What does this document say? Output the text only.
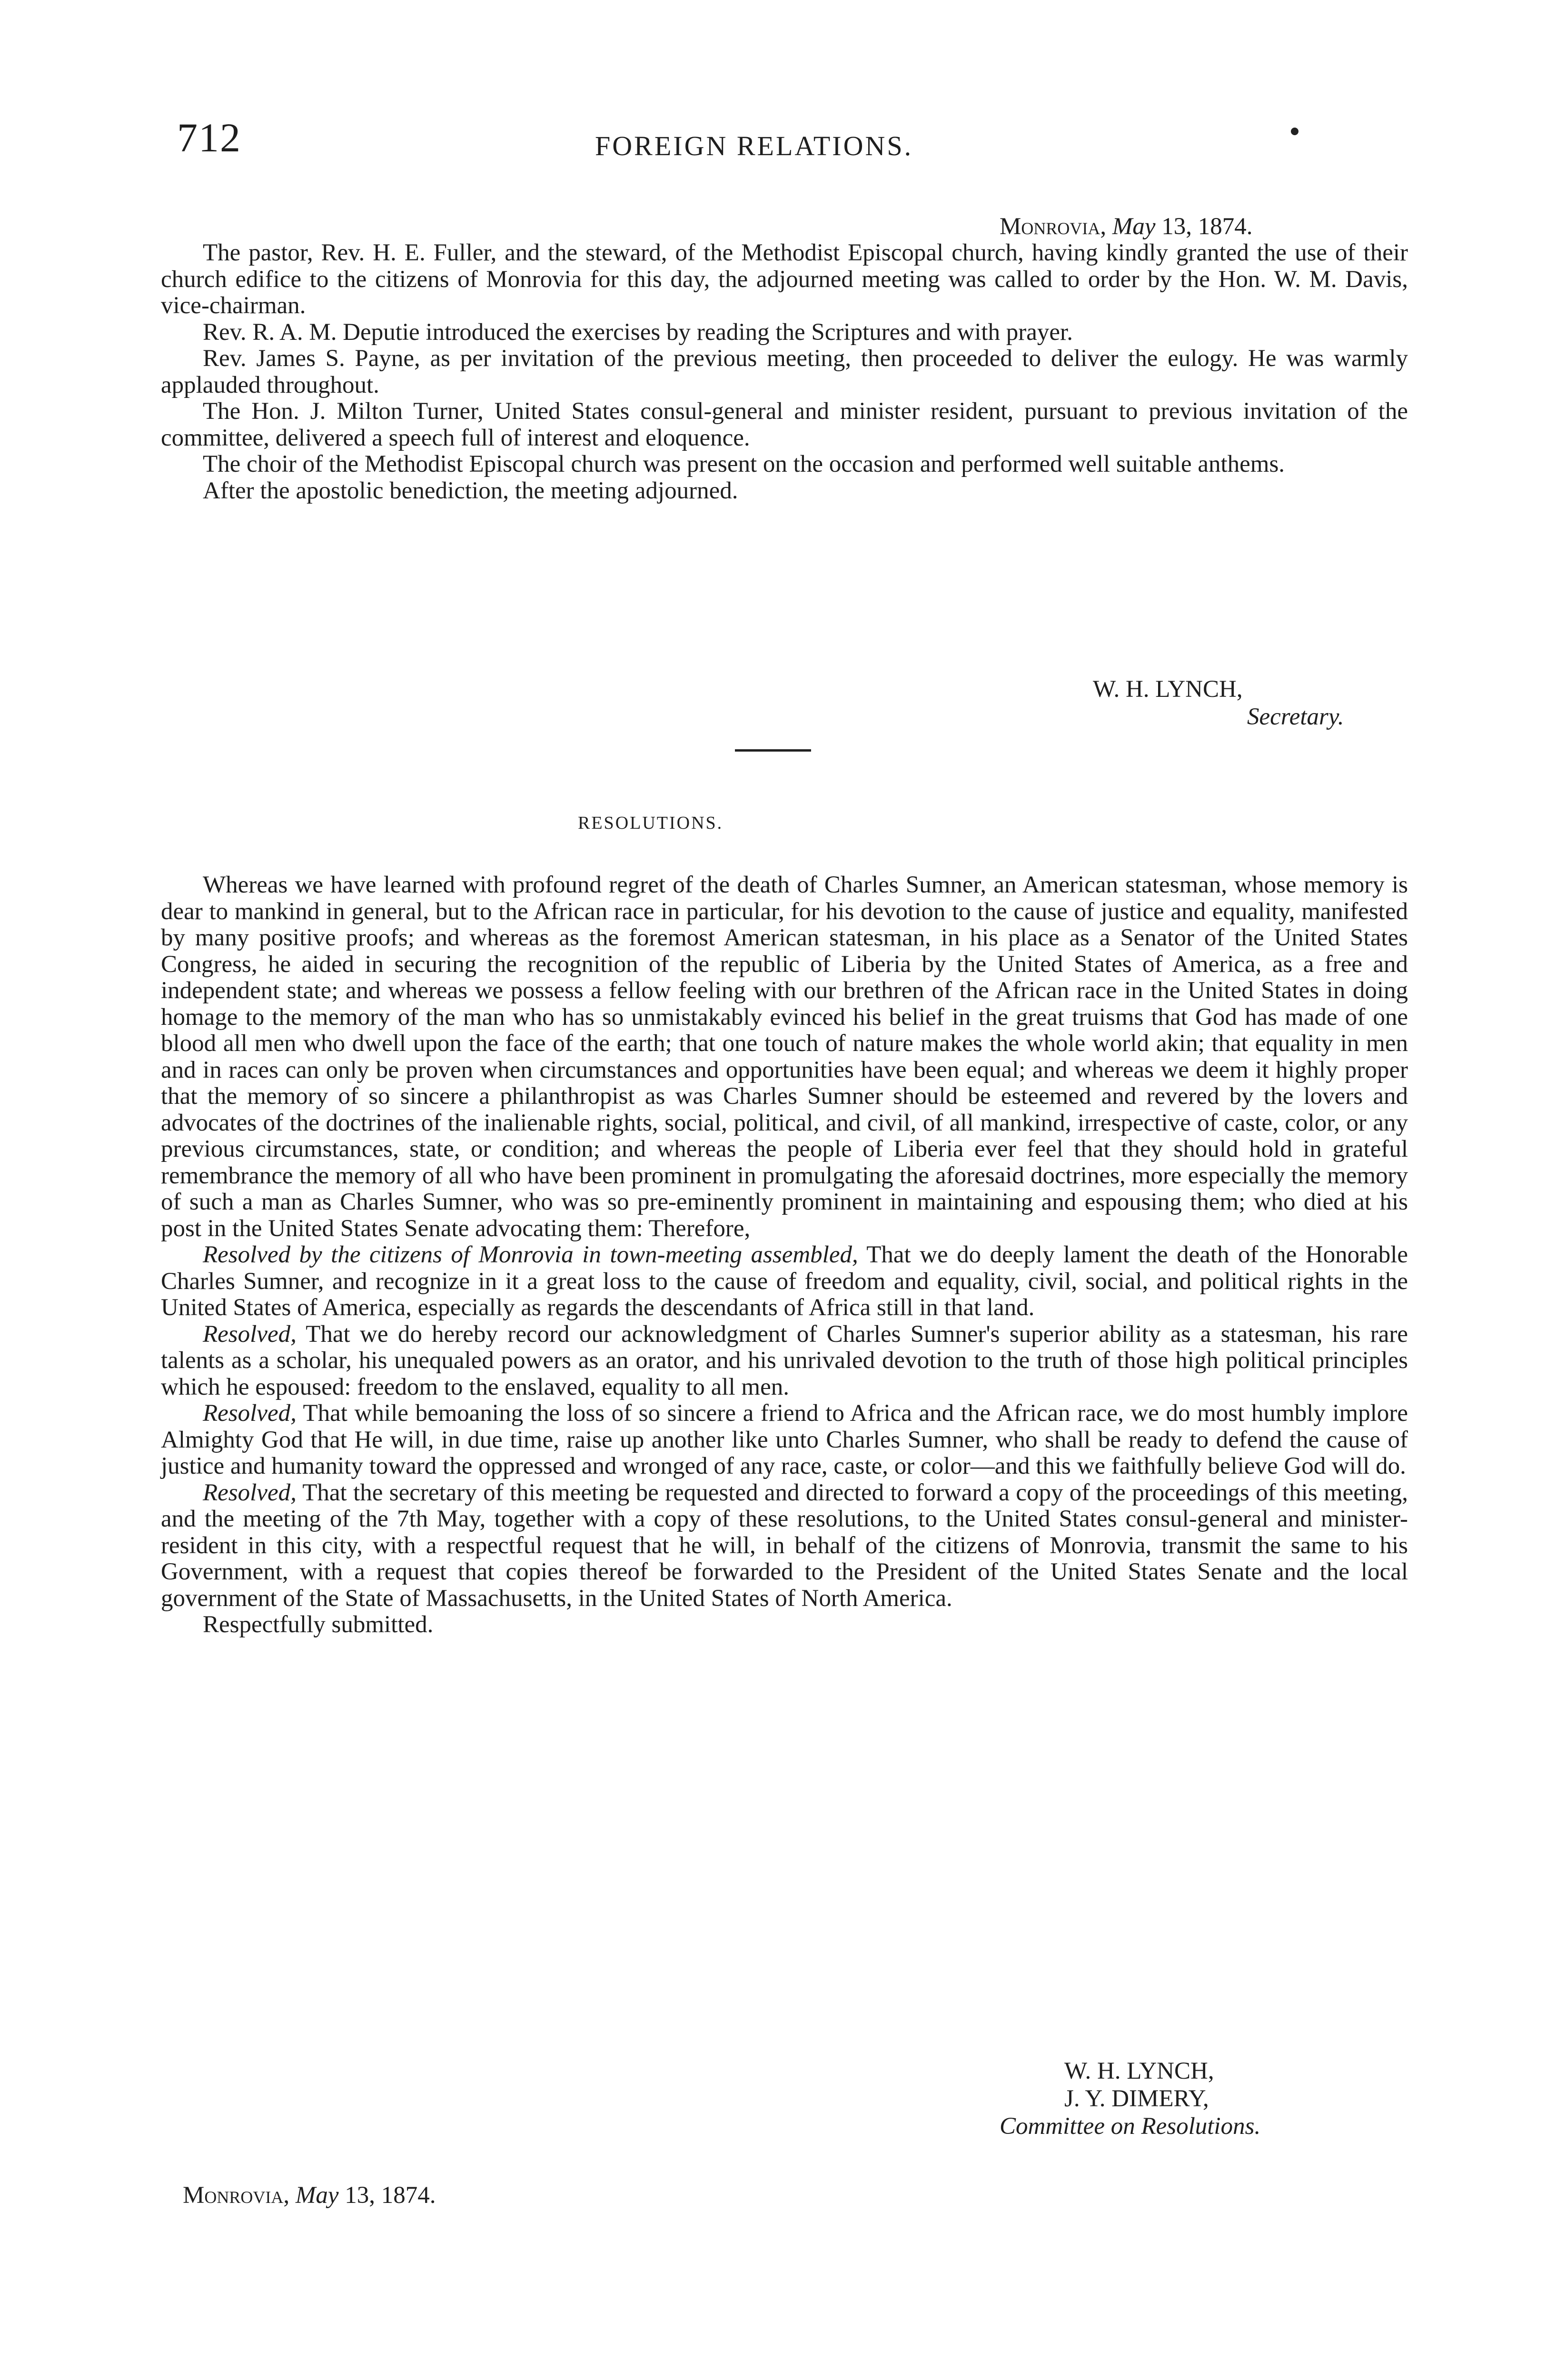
712	FOREIGN RELATIONS.
Monrovia, May 13, 1874.

The pastor, Rev. H. E. Fuller, and the steward, of the Methodist Episcopal church, having kindly granted the use of their church edifice to the citizens of Monrovia for this day, the adjourned meeting was called to order by the Hon. W. M. Davis, vice-chairman.

Rev. R. A. M. Deputie introduced the exercises by reading the Scriptures and with prayer.

Rev. James S. Payne, as per invitation of the previous meeting, then proceeded to deliver the eulogy. He was warmly applauded throughout.

The Hon. J. Milton Turner, United States consul-general and minister resident, pursuant to previous invitation of the committee, delivered a speech full of interest and eloquence.

The choir of the Methodist Episcopal church was present on the occasion and performed well suitable anthems.

After the apostolic benediction, the meeting adjourned.

W. H. LYNCH,
Secretary.
RESOLUTIONS.

Whereas we have learned with profound regret of the death of Charles Sumner, an American statesman, whose memory is dear to mankind in general, but to the African race in particular, for his devotion to the cause of justice and equality, manifested by many positive proofs; and whereas as the foremost American statesman, in his place as a Senator of the United States Congress, he aided in securing the recognition of the republic of Liberia by the United States of America, as a free and independent state; and whereas we possess a fellow feeling with our brethren of the African race in the United States in doing homage to the memory of the man who has so unmistakably evinced his belief in the great truisms that God has made of one blood all men who dwell upon the face of the earth; that one touch of nature makes the whole world akin; that equality in men and in races can only be proven when circumstances and opportunities have been equal; and whereas we deem it highly proper that the memory of so sincere a philanthropist as was Charles Sumner should be esteemed and revered by the lovers and advocates of the doctrines of the inalienable rights, social, political, and civil, of all mankind, irrespective of caste, color, or any previous circumstances, state, or condition; and whereas the people of Liberia ever feel that they should hold in grateful remembrance the memory of all who have been prominent in promulgating the aforesaid doctrines, more especially the memory of such a man as Charles Sumner, who was so pre-eminently prominent in maintaining and espousing them; who died at his post in the United States Senate advocating them: Therefore,

Resolved by the citizens of Monrovia in town-meeting assembled, That we do deeply lament the death of the Honorable Charles Sumner, and recognize in it a great loss to the cause of freedom and equality, civil, social, and political rights in the United States of America, especially as regards the descendants of Africa still in that land.

Resolved, That we do hereby record our acknowledgment of Charles Sumner's superior ability as a statesman, his rare talents as a scholar, his unequaled powers as an orator, and his unrivaled devotion to the truth of those high political principles which he espoused: freedom to the enslaved, equality to all men.

Resolved, That while bemoaning the loss of so sincere a friend to Africa and the African race, we do most humbly implore Almighty God that He will, in due time, raise up another like unto Charles Sumner, who shall be ready to defend the cause of justice and humanity toward the oppressed and wronged of any race, caste, or color—and this we faithfully believe God will do.

Resolved, That the secretary of this meeting be requested and directed to forward a copy of the proceedings of this meeting, and the meeting of the 7th May, together with a copy of these resolutions, to the United States consul-general and minister-resident in this city, with a respectful request that he will, in behalf of the citizens of Monrovia, transmit the same to his Government, with a request that copies thereof be forwarded to the President of the United States Senate and the local government of the State of Massachusetts, in the United States of North America.

Respectfully submitted.

W. H. LYNCH,
J. Y. DIMERY,
Committee on Resolutions.
Monrovia, May 13, 1874.
